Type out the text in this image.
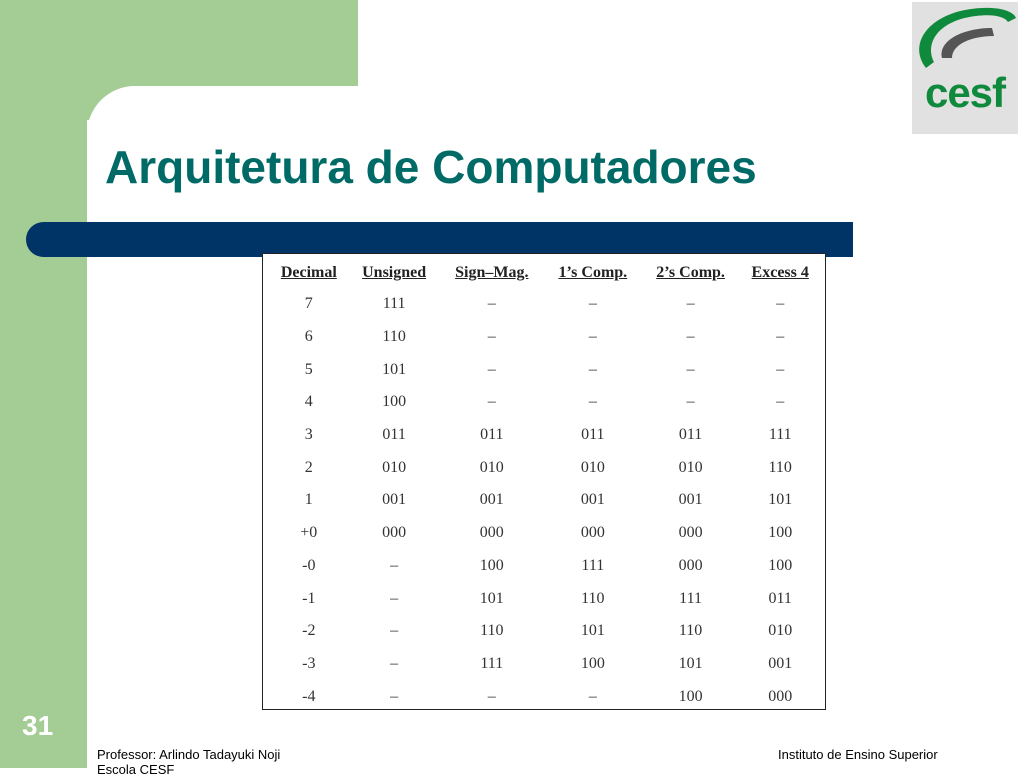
Arquitetura de Computadores
cesf
Decimal	Unsigned	Sign–Mag.	1’s Comp.	2’s Comp.	Excess 4
7	111	–	–	–	–
6	110	–	–	–	–
5	101	–	–	–	–
4	100	–	–	–	–
3	011	011	011	011	111
2	010	010	010	010	110
1	001	001	001	001	101
+0	000	000	000	000	100
-0	–	100	111	000	100
-1	–	101	110	111	011
-2	–	110	101	110	010
-3	–	111	100	101	001
-4	–	–	–	100	000
31
Professor: Arlindo Tadayuki Noji
Escola CESF
Instituto de Ensino Superior
